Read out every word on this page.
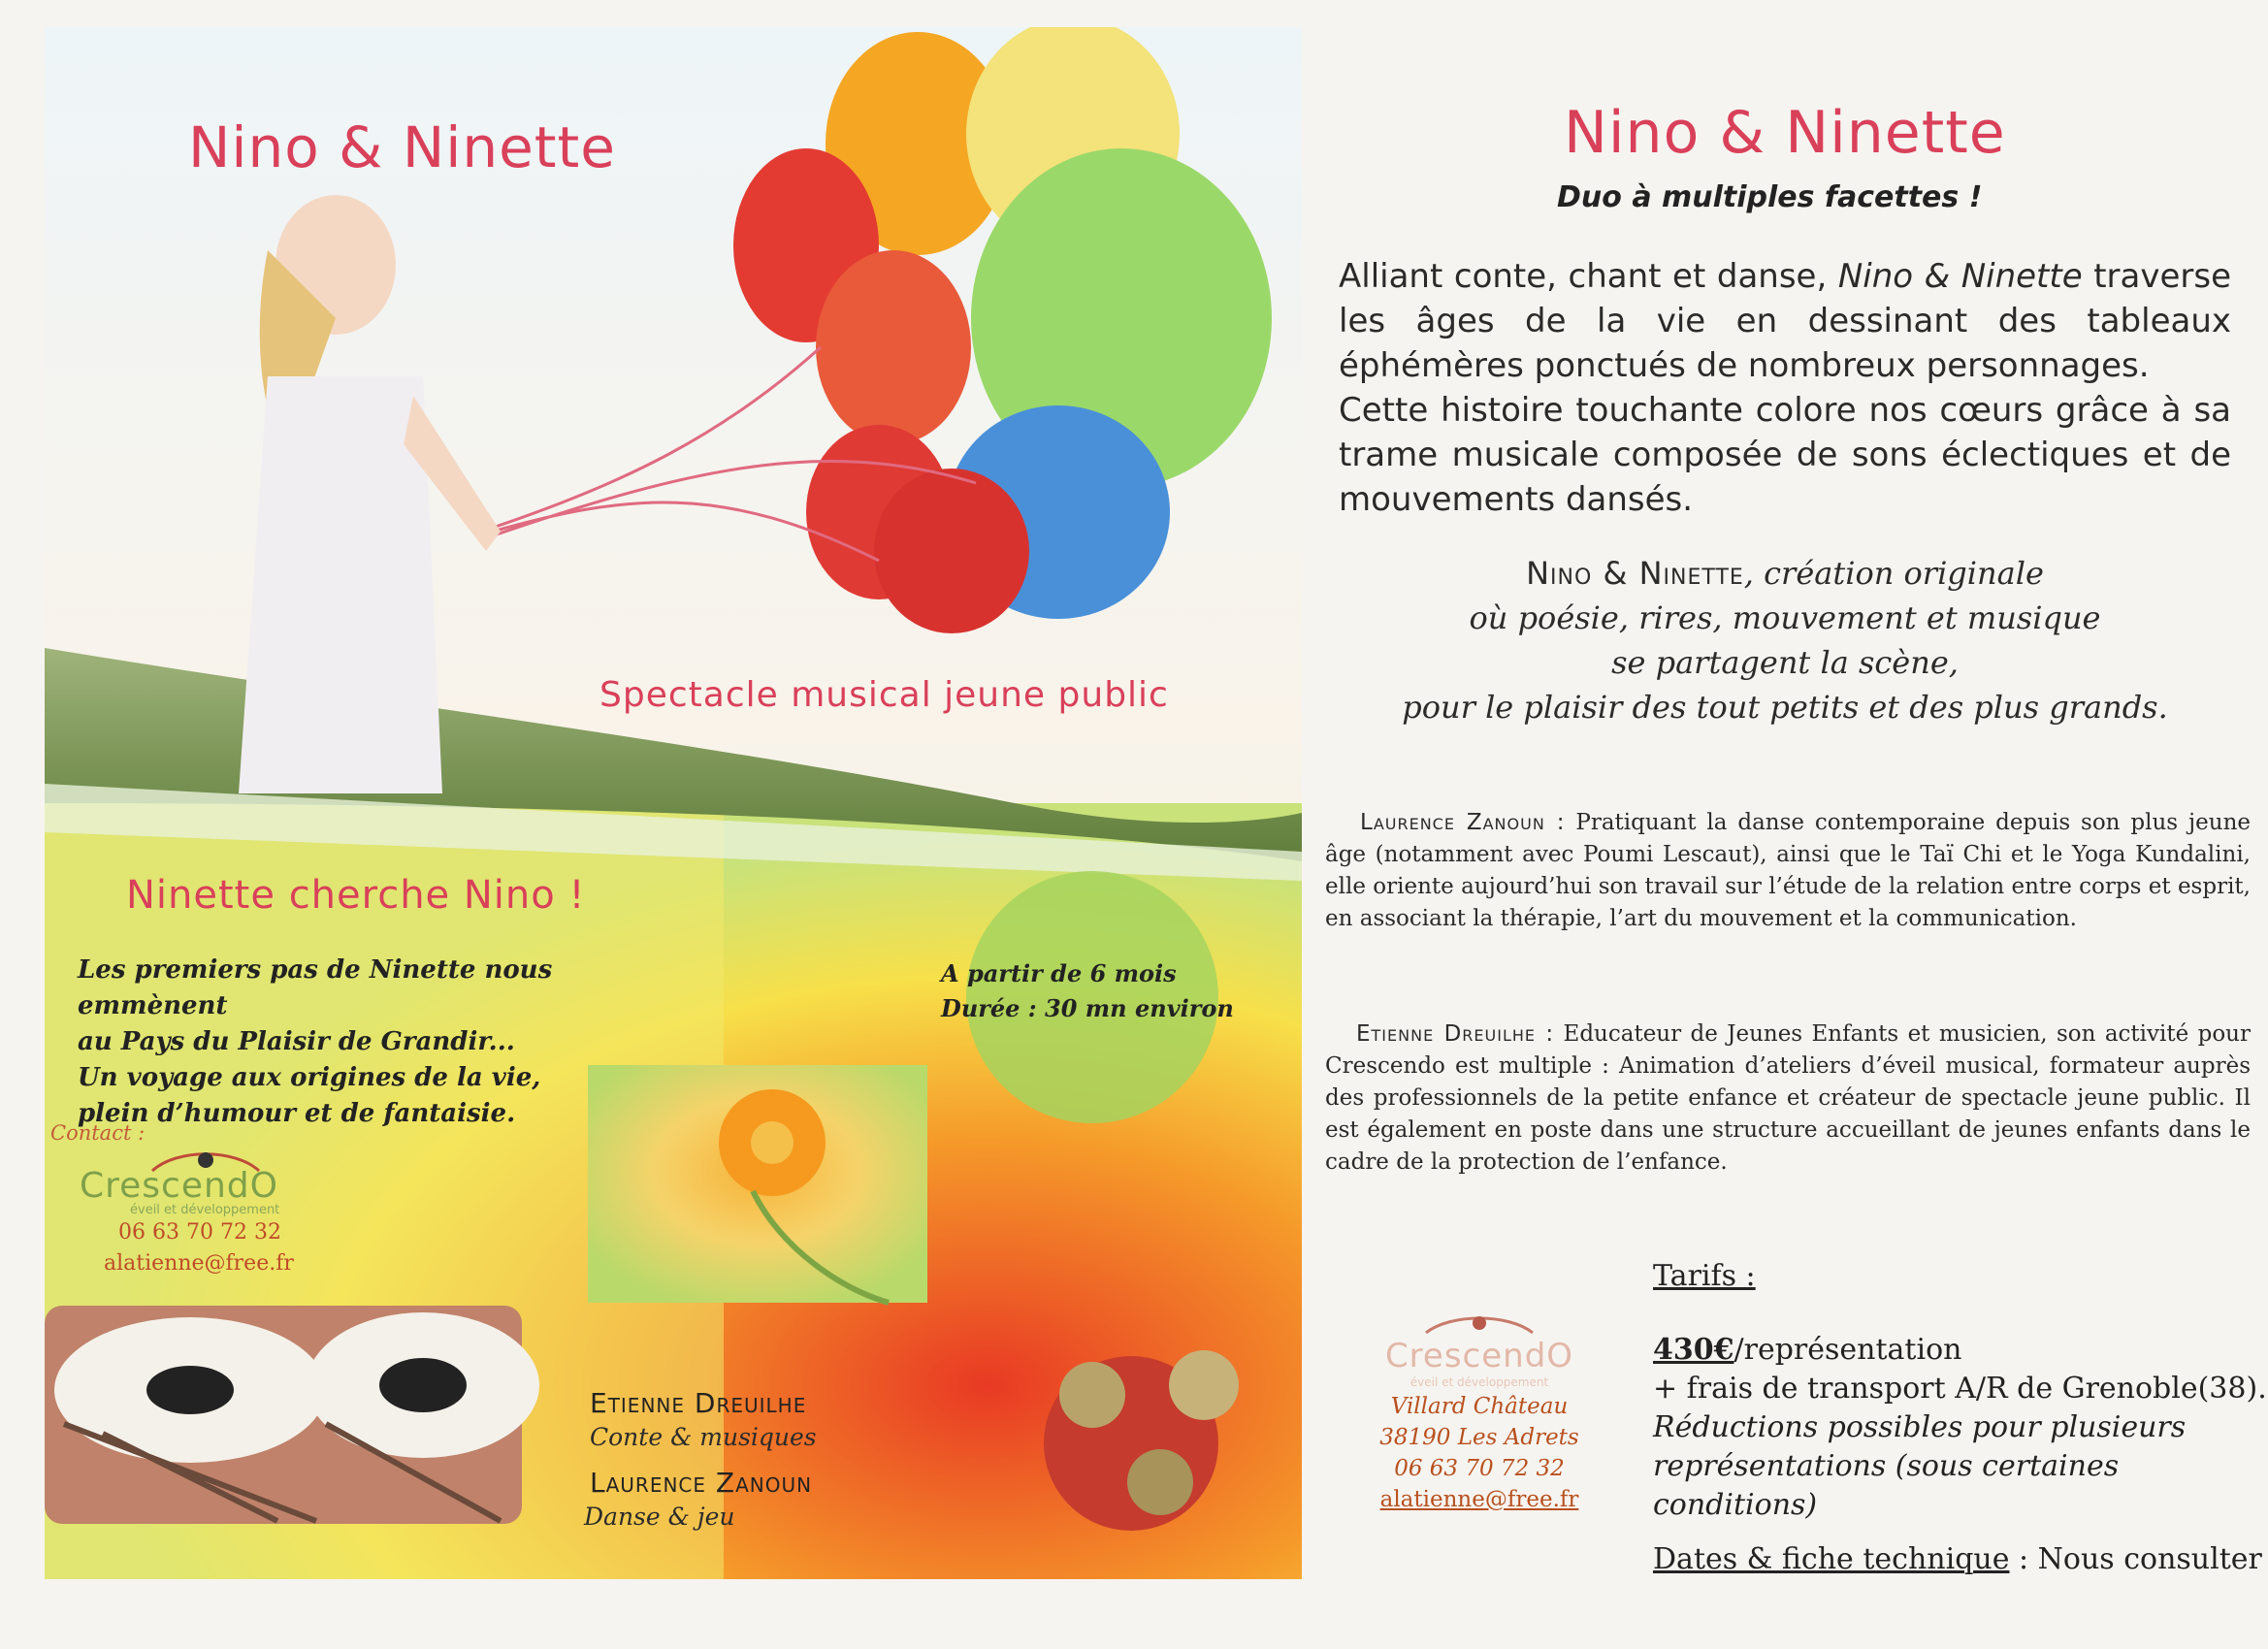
Nino & Ninette
Spectacle musical jeune public
Ninette cherche Nino !
Les premiers pas de Ninette nous emmènent
au Pays du Plaisir de Grandir...
Un voyage aux origines de la vie,
plein d’humour et de fantaisie.
A partir de 6 mois
Durée : 30 mn environ
Contact :
CrescendO
éveil et développement
06 63 70 72 32
alatienne@free.fr
Etienne Dreuilhe
Conte & musiques
Laurence Zanoun
Danse & jeu
Nino & Ninette
Duo à multiples facettes !
Alliant conte, chant et danse, Nino & Ninette traverse les âges de la vie en dessinant des tableaux éphémères ponctués de nombreux personnages.
Cette histoire touchante colore nos cœurs grâce à sa trame musicale composée de sons éclectiques et de mouvements dansés.
Nino & Ninette, création originale
où poésie, rires, mouvement et musique
se partagent la scène,
pour le plaisir des tout petits et des plus grands.
Laurence Zanoun : Pratiquant la danse contemporaine depuis son plus jeune âge (notamment avec Poumi Lescaut), ainsi que le Taï Chi et le Yoga Kundalini, elle oriente aujourd’hui son travail sur l’étude de la relation entre corps et esprit, en associant la thérapie, l’art du mouvement et la communication.
Etienne Dreuilhe : Educateur de Jeunes Enfants et musicien, son activité pour Crescendo est multiple : Animation d’ateliers d’éveil musical, formateur auprès des professionnels de la petite enfance et créateur de spectacle jeune public. Il est également en poste dans une structure accueillant de jeunes enfants dans le cadre de la protection de l’enfance.
CrescendO
éveil et développement
Villard Château
38190 Les Adrets
06 63 70 72 32
alatienne@free.fr
Tarifs :
430€/représentation
+ frais de transport A/R de Grenoble(38).
Réductions possibles pour plusieurs
représentations (sous certaines conditions)
Dates & fiche technique : Nous consulter
